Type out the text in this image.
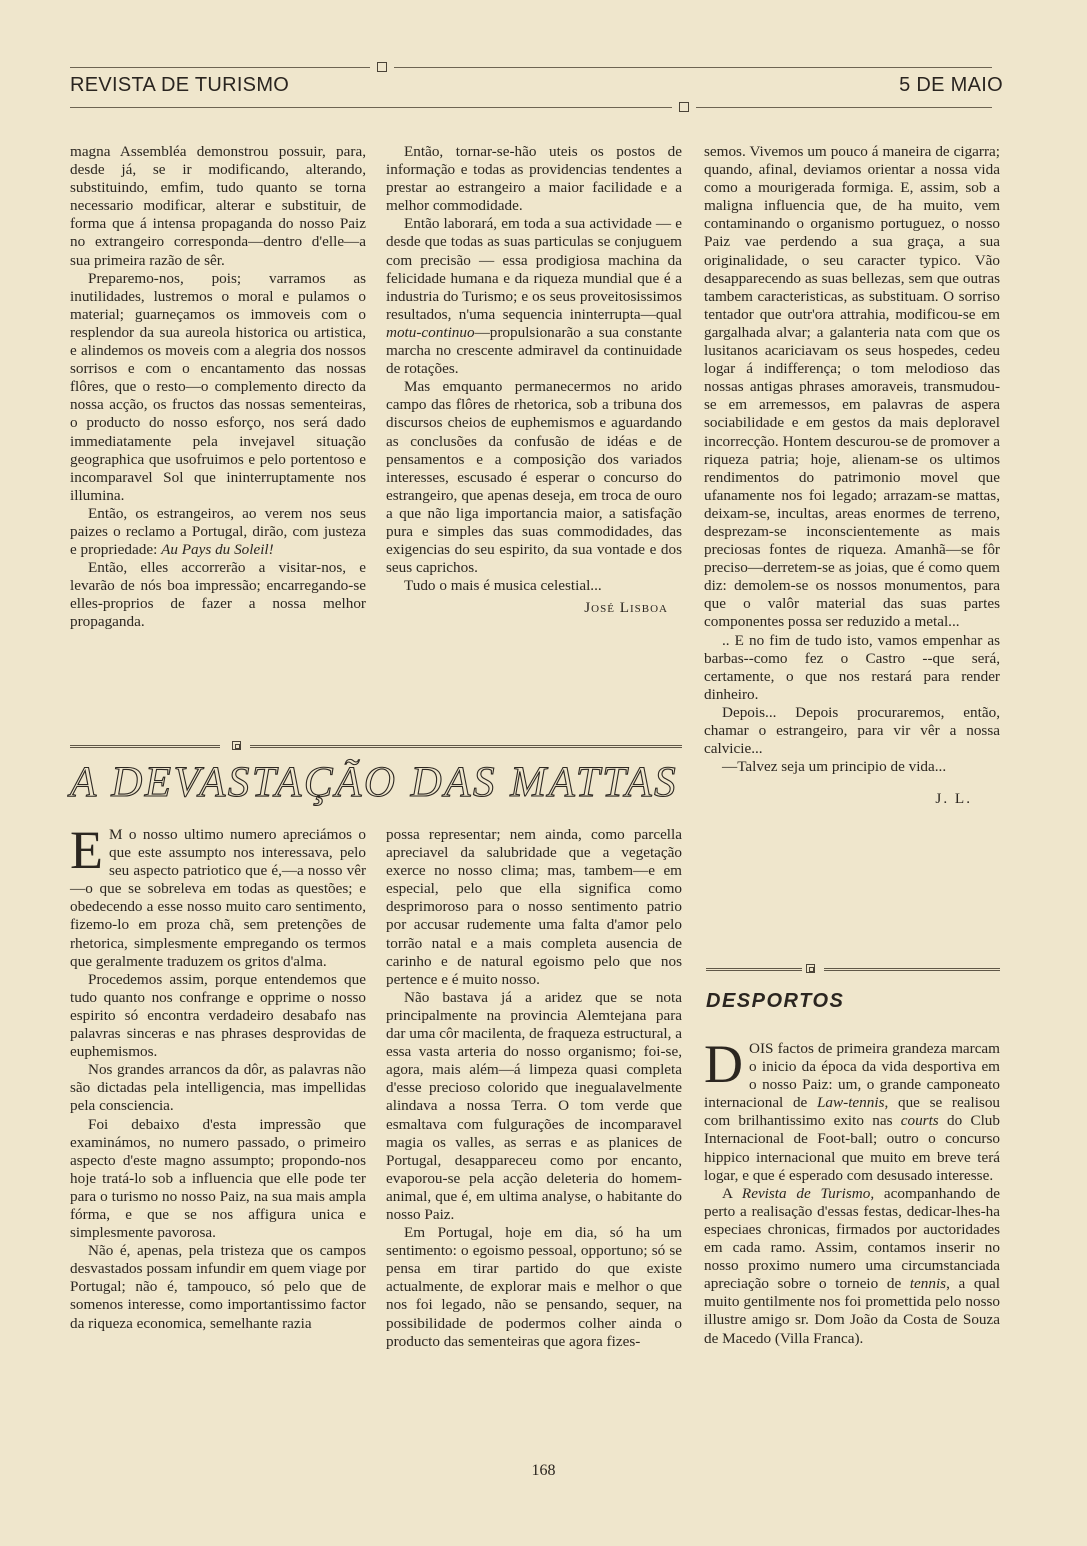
REVISTA DE TURISMO	5 DE MAIO

magna Assembléa demonstrou possuir, para, desde já, se ir modificando, alterando, substituindo, emfim, tudo quanto se torna necessario modificar, alterar e substituir, de forma que á intensa propaganda do nosso Paiz no extrangeiro corresponda—dentro d'elle—a sua primeira razão de sêr.

Preparemo-nos, pois; varramos as inutilidades, lustremos o moral e pulamos o material; guarneçamos os immoveis com o resplendor da sua aureola historica ou artistica, e alindemos os moveis com a alegria dos nossos sorrisos e com o encantamento das nossas flôres, que o resto—o complemento directo da nossa acção, os fructos das nossas sementeiras, o producto do nosso esforço, nos será dado immediatamente pela invejavel situação geographica que usofruimos e pelo portentoso e incomparavel Sol que ininterruptamente nos illumina.

Então, os estrangeiros, ao verem nos seus paizes o reclamo a Portugal, dirão, com justeza e propriedade: Au Pays du Soleil!

Então, elles accorrerão a visitar-nos, e levarão de nós boa impressão; encarregando-se elles-proprios de fazer a nossa melhor propaganda.

Então, tornar-se-hão uteis os postos de informação e todas as providencias tendentes a prestar ao estrangeiro a maior facilidade e a melhor commodidade.

Então laborará, em toda a sua actividade — e desde que todas as suas particulas se conjuguem com precisão — essa prodigiosa machina da felicidade humana e da riqueza mundial que é a industria do Turismo; e os seus proveitosissimos resultados, n'uma sequencia ininterrupta—qual motu-continuo—propulsionarão a sua constante marcha no crescente admiravel da continuidade de rotações.

Mas emquanto permanecermos no arido campo das flôres de rhetorica, sob a tribuna dos discursos cheios de euphemismos e aguardando as conclusões da confusão de idéas e de pensamentos e a composição dos variados interesses, escusado é esperar o concurso do estrangeiro, que apenas deseja, em troca de ouro a que não liga importancia maior, a satisfação pura e simples das suas commodidades, das exigencias do seu espirito, da sua vontade e dos seus caprichos.

Tudo o mais é musica celestial...

José Lisboa

semos. Vivemos um pouco á maneira de cigarra; quando, afinal, deviamos orientar a nossa vida como a mourigerada formiga. E, assim, sob a maligna influencia que, de ha muito, vem contaminando o organismo portuguez, o nosso Paiz vae perdendo a sua graça, a sua originalidade, o seu caracter typico. Vão desapparecendo as suas bellezas, sem que outras tambem caracteristicas, as substituam. O sorriso tentador que outr'ora attrahia, modificou-se em gargalhada alvar; a galanteria nata com que os lusitanos acariciavam os seus hospedes, cedeu logar á indifferença; o tom melodioso das nossas antigas phrases amoraveis, transmudou-se em arremessos, em palavras de aspera sociabilidade e em gestos da mais deploravel incorrecção. Hontem descurou-se de promover a riqueza patria; hoje, alienam-se os ultimos rendimentos do patrimonio movel que ufanamente nos foi legado; arrazam-se mattas, deixam-se, incultas, areas enormes de terreno, desprezam-se inconscientemente as mais preciosas fontes de riqueza. Amanhã—se fôr preciso—derretem-se as joias, que é como quem diz: demolem-se os nossos monumentos, para que o valôr material das suas partes componentes possa ser reduzido a metal...

.. E no fim de tudo isto, vamos empenhar as barbas--como fez o Castro --que será, certamente, o que nos restará para render dinheiro.

Depois... Depois procuraremos, então, chamar o estrangeiro, para vir vêr a nossa calvicie...

—Talvez seja um principio de vida...

J. L.
A DEVASTAÇÃO DAS MATTAS

E M o nosso ultimo numero apreciámos o que este assumpto nos interessava, pelo seu aspecto patriotico que é,—a nosso vêr—o que se sobreleva em todas as questões; e obedecendo a esse nosso muito caro sentimento, fizemo-lo em proza chã, sem pretenções de rhetorica, simplesmente empregando os termos que geralmente traduzem os gritos d'alma.

Procedemos assim, porque entendemos que tudo quanto nos confrange e opprime o nosso espirito só encontra verdadeiro desabafo nas palavras sinceras e nas phrases desprovidas de euphemismos.

Nos grandes arrancos da dôr, as palavras não são dictadas pela intelligencia, mas impellidas pela consciencia.

Foi debaixo d'esta impressão que examinámos, no numero passado, o primeiro aspecto d'este magno assumpto; propondo-nos hoje tratá-lo sob a influencia que elle pode ter para o turismo no nosso Paiz, na sua mais ampla fórma, e que se nos affigura unica e simplesmente pavorosa.

Não é, apenas, pela tristeza que os campos desvastados possam infundir em quem viage por Portugal; não é, tampouco, só pelo que de somenos interesse, como importantissimo factor da riqueza economica, semelhante razia

possa representar; nem ainda, como parcella apreciavel da salubridade que a vegetação exerce no nosso clima; mas, tambem—e em especial, pelo que ella significa como desprimoroso para o nosso sentimento patrio por accusar rudemente uma falta d'amor pelo torrão natal e a mais completa ausencia de carinho e de natural egoismo pelo que nos pertence e é muito nosso.

Não bastava já a aridez que se nota principalmente na provincia Alemtejana para dar uma côr macilenta, de fraqueza estructural, a essa vasta arteria do nosso organismo; foi-se, agora, mais além—á limpeza quasi completa d'esse precioso colorido que inegualavelmente alindava a nossa Terra. O tom verde que esmaltava com fulgurações de incomparavel magia os valles, as serras e as planices de Portugal, desappareceu como por encanto, evaporou-se pela acção deleteria do homem-animal, que é, em ultima analyse, o habitante do nosso Paiz.

Em Portugal, hoje em dia, só ha um sentimento: o egoismo pessoal, opportuno; só se pensa em tirar partido do que existe actualmente, de explorar mais e melhor o que nos foi legado, não se pensando, sequer, na possibilidade de podermos colher ainda o producto das sementeiras que agora fizes-

DESPORTOS

DOIS factos de primeira grandeza marcam o inicio da época da vida desportiva em o nosso Paiz: um, o grande camponeato internacional de Law-tennis, que se realisou com brilhantissimo exito nas courts do Club Internacional de Foot-ball; outro o concurso hippico internacional que muito em breve terá logar, e que é esperado com desusado interesse.

A Revista de Turismo, acompanhando de perto a realisação d'essas festas, dedicar-lhes-ha especiaes chronicas, firmados por auctoridades em cada ramo. Assim, contamos inserir no nosso proximo numero uma circumstanciada apreciação sobre o torneio de tennis, a qual muito gentilmente nos foi promettida pelo nosso illustre amigo sr. Dom João da Costa de Souza de Macedo (Villa Franca).

168
